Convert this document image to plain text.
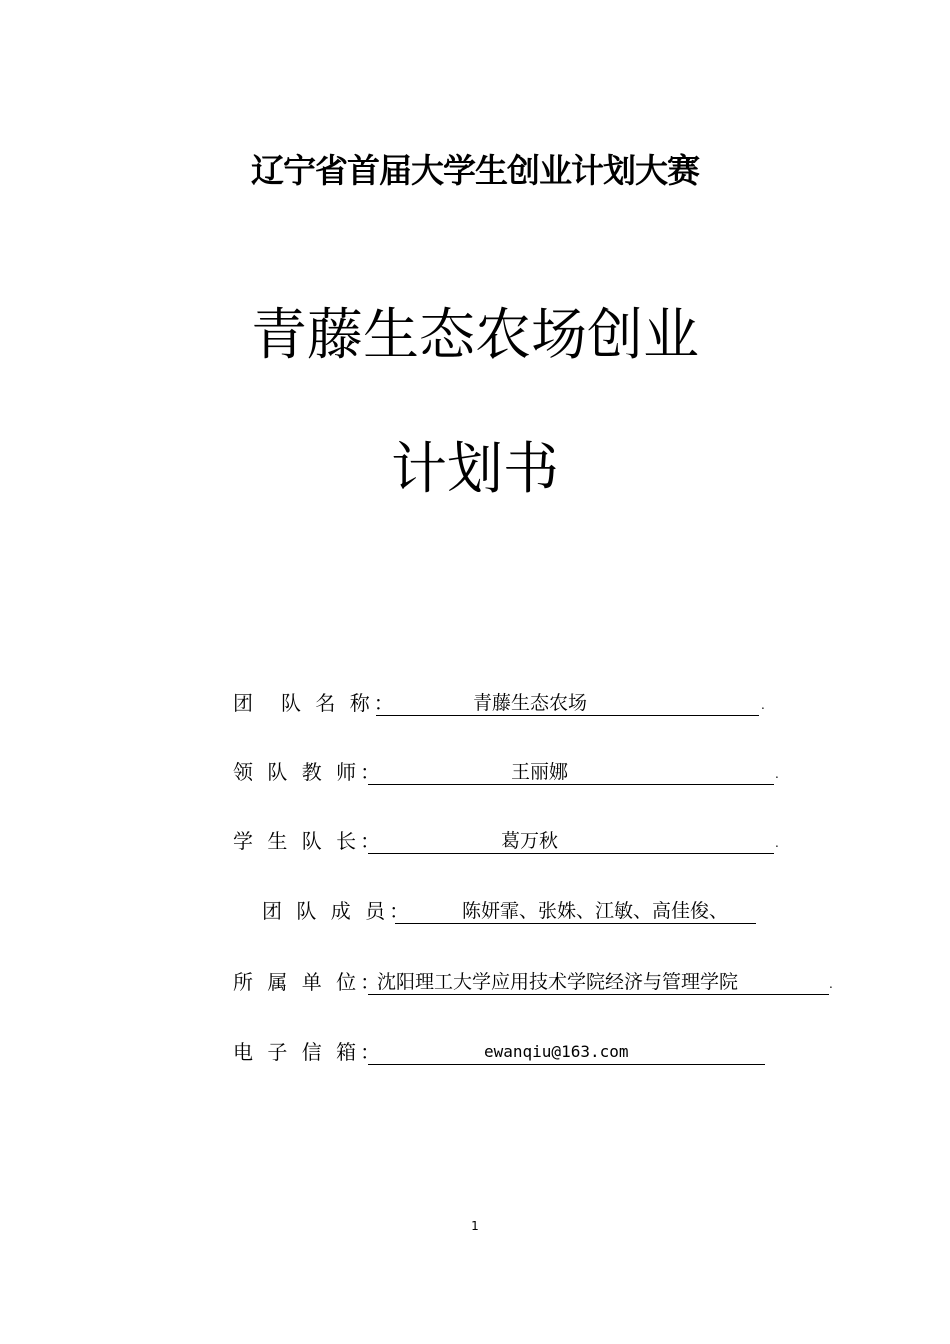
辽宁省首届大学生创业计划大赛
青藤生态农场创业
计划书
团　队 名 称：	青藤生态农场	.
领 队 教 师：	王丽娜	.
学 生 队 长：	葛万秋	.
团 队 成 员：	陈妍霏、张姝、江敏、高佳俊、
所 属 单 位：
沈阳理工大学应用技术学院经济与管理学院	.
电 子 信 箱：	ewanqiu@163.com
1
